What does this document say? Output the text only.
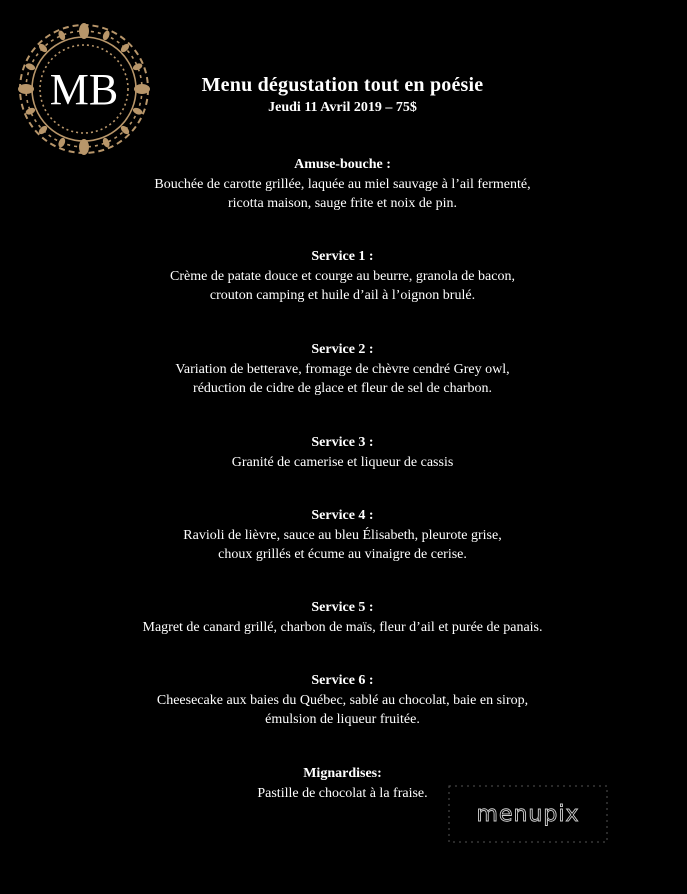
MB	Menu dégustation tout en poésie
Jeudi 11 Avril 2019 – 75$
Amuse-bouche :
Bouchée de carotte grillée, laquée au miel sauvage à l’ail fermenté,
ricotta maison, sauge frite et noix de pin.
Service 1 :
Crème de patate douce et courge au beurre, granola de bacon,
crouton camping et huile d’ail à l’oignon brulé.
Service 2 :
Variation de betterave, fromage de chèvre cendré Grey owl,
réduction de cidre de glace et fleur de sel de charbon.
Service 3 :
Granité de camerise et liqueur de cassis
Service 4 :
Ravioli de lièvre, sauce au bleu Élisabeth, pleurote grise,
choux grillés et écume au vinaigre de cerise.
Service 5 :
Magret de canard grillé, charbon de maïs, fleur d’ail et purée de panais.
Service 6 :
Cheesecake aux baies du Québec, sablé au chocolat, baie en sirop,
émulsion de liqueur fruitée.
Mignardises:
Pastille de chocolat à la fraise.
menupix
